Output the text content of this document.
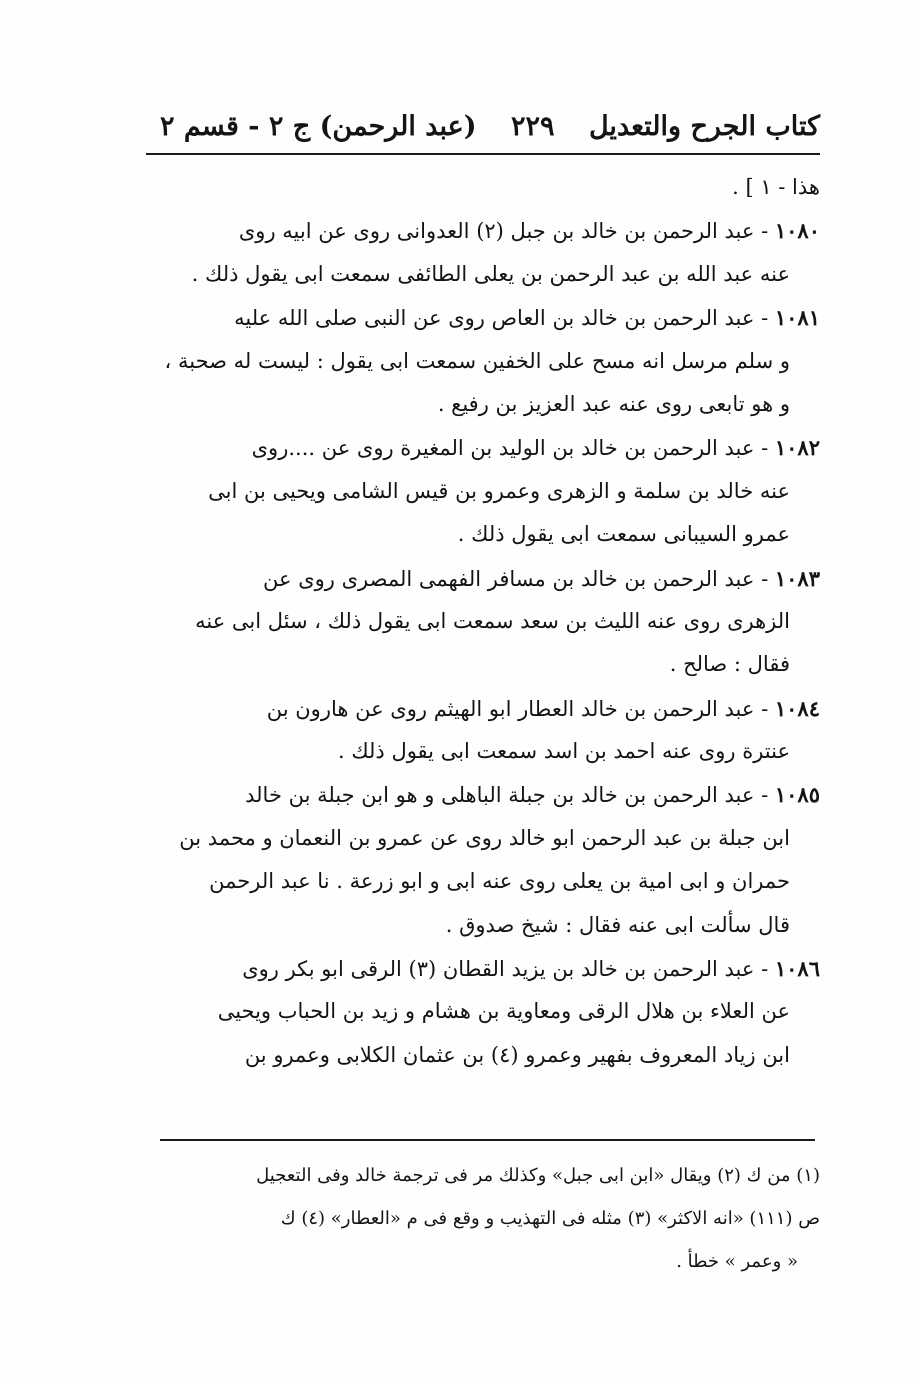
كتاب الجرح والتعديل
٢٢٩
(عبد الرحمن) ج ٢ - قسم ٢
هذا - ١ ] .
١٠٨٠ - عبد الرحمن بن خالد بن جبل (٢) العدوانى روى عن ابيه روى
عنه عبد الله بن عبد الرحمن بن يعلى الطائفى سمعت ابى يقول ذلك .
١٠٨١ - عبد الرحمن بن خالد بن العاص روى عن النبى صلى الله عليه
و سلم مرسل انه مسح على الخفين سمعت ابى يقول : ليست له صحبة ،
و هو تابعى روى عنه عبد العزيز بن رفيع .
١٠٨٢ - عبد الرحمن بن خالد بن الوليد بن المغيرة روى عن ....روى
عنه خالد بن سلمة و الزهرى وعمرو بن قيس الشامى ويحيى بن ابى
عمرو السيبانى سمعت ابى يقول ذلك .
١٠٨٣ - عبد الرحمن بن خالد بن مسافر الفهمى المصرى روى عن
الزهرى روى عنه الليث بن سعد سمعت ابى يقول ذلك ، سئل ابى عنه
فقال : صالح .
١٠٨٤ - عبد الرحمن بن خالد العطار ابو الهيثم روى عن هارون بن
عنترة روى عنه احمد بن اسد سمعت ابى يقول ذلك .
١٠٨٥ - عبد الرحمن بن خالد بن جبلة الباهلى و هو ابن جبلة بن خالد
ابن جبلة بن عبد الرحمن ابو خالد روى عن عمرو بن النعمان و محمد بن
حمران و ابى امية بن يعلى روى عنه ابى و ابو زرعة . نا عبد الرحمن
قال سألت ابى عنه فقال : شيخ صدوق .
١٠٨٦ - عبد الرحمن بن خالد بن يزيد القطان (٣) الرقى ابو بكر روى
عن العلاء بن هلال الرقى ومعاوية بن هشام و زيد بن الحباب ويحيى
ابن زياد المعروف بفهير وعمرو (٤) بن عثمان الكلابى وعمرو بن
(١) من ك (٢) ويقال «ابن ابى جبل» وكذلك مر فى ترجمة خالد وفى التعجيل
ص (١١١) «انه الاكثر» (٣) مثله فى التهذيب و وقع فى م «العطار» (٤) ك
« وعمر » خطأ .
